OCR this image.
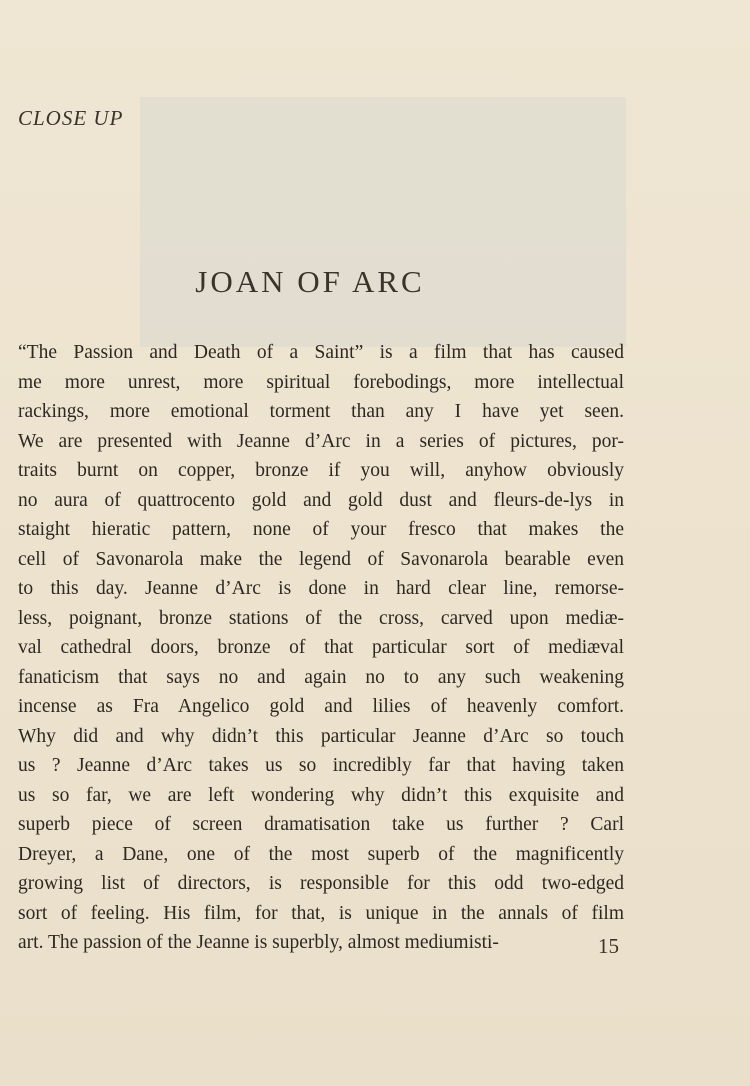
CLOSE UP
JOAN OF ARC
“The Passion and Death of a Saint” is a film that has caused
me more unrest, more spiritual forebodings, more intellectual
rackings, more emotional torment than any I have yet seen.
We are presented with Jeanne d’Arc in a series of pictures, por-
traits burnt on copper, bronze if you will, anyhow obviously
no aura of quattrocento gold and gold dust and fleurs-de-lys in
staight hieratic pattern, none of your fresco that makes the
cell of Savonarola make the legend of Savonarola bearable even
to this day. Jeanne d’Arc is done in hard clear line, remorse-
less, poignant, bronze stations of the cross, carved upon mediæ-
val cathedral doors, bronze of that particular sort of mediæval
fanaticism that says no and again no to any such weakening
incense as Fra Angelico gold and lilies of heavenly comfort.
Why did and why didn’t this particular Jeanne d’Arc so touch
us ? Jeanne d’Arc takes us so incredibly far that having taken
us so far, we are left wondering why didn’t this exquisite and
superb piece of screen dramatisation take us further ? Carl
Dreyer, a Dane, one of the most superb of the magnificently
growing list of directors, is responsible for this odd two-edged
sort of feeling. His film, for that, is unique in the annals of film
art. The passion of the Jeanne is superbly, almost mediumisti-	15
